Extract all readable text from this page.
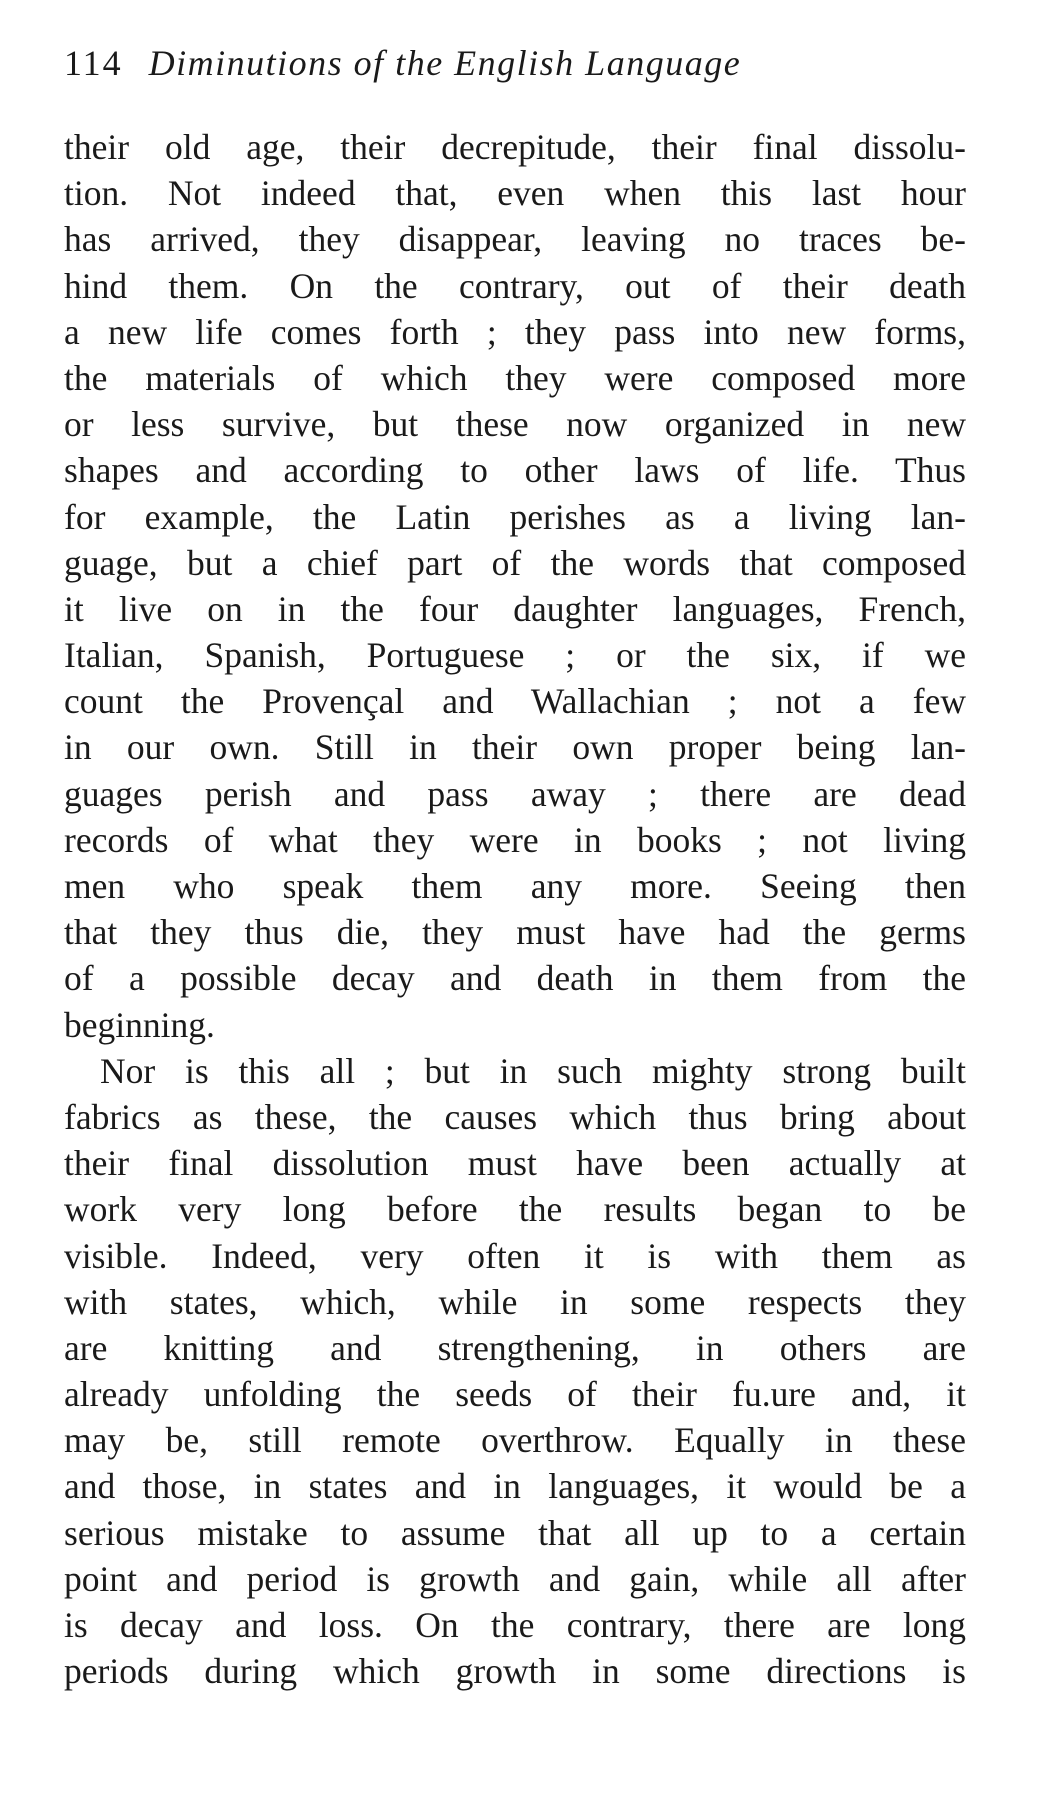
114 Diminutions of the English Language
their old age, their decrepitude, their final dissolu-
tion. Not indeed that, even when this last hour
has arrived, they disappear, leaving no traces be-
hind them. On the contrary, out of their death
a new life comes forth ; they pass into new forms,
the materials of which they were composed more
or less survive, but these now organized in new
shapes and according to other laws of life. Thus
for example, the Latin perishes as a living lan-
guage, but a chief part of the words that composed
it live on in the four daughter languages, French,
Italian, Spanish, Portuguese ; or the six, if we
count the Provençal and Wallachian ; not a few
in our own. Still in their own proper being lan-
guages perish and pass away ; there are dead
records of what they were in books ; not living
men who speak them any more. Seeing then
that they thus die, they must have had the germs
of a possible decay and death in them from the
beginning.
Nor is this all ; but in such mighty strong built
fabrics as these, the causes which thus bring about
their final dissolution must have been actually at
work very long before the results began to be
visible. Indeed, very often it is with them as
with states, which, while in some respects they
are knitting and strengthening, in others are
already unfolding the seeds of their fu.ure and, it
may be, still remote overthrow. Equally in these
and those, in states and in languages, it would be a
serious mistake to assume that all up to a certain
point and period is growth and gain, while all after
is decay and loss. On the contrary, there are long
periods during which growth in some directions is
